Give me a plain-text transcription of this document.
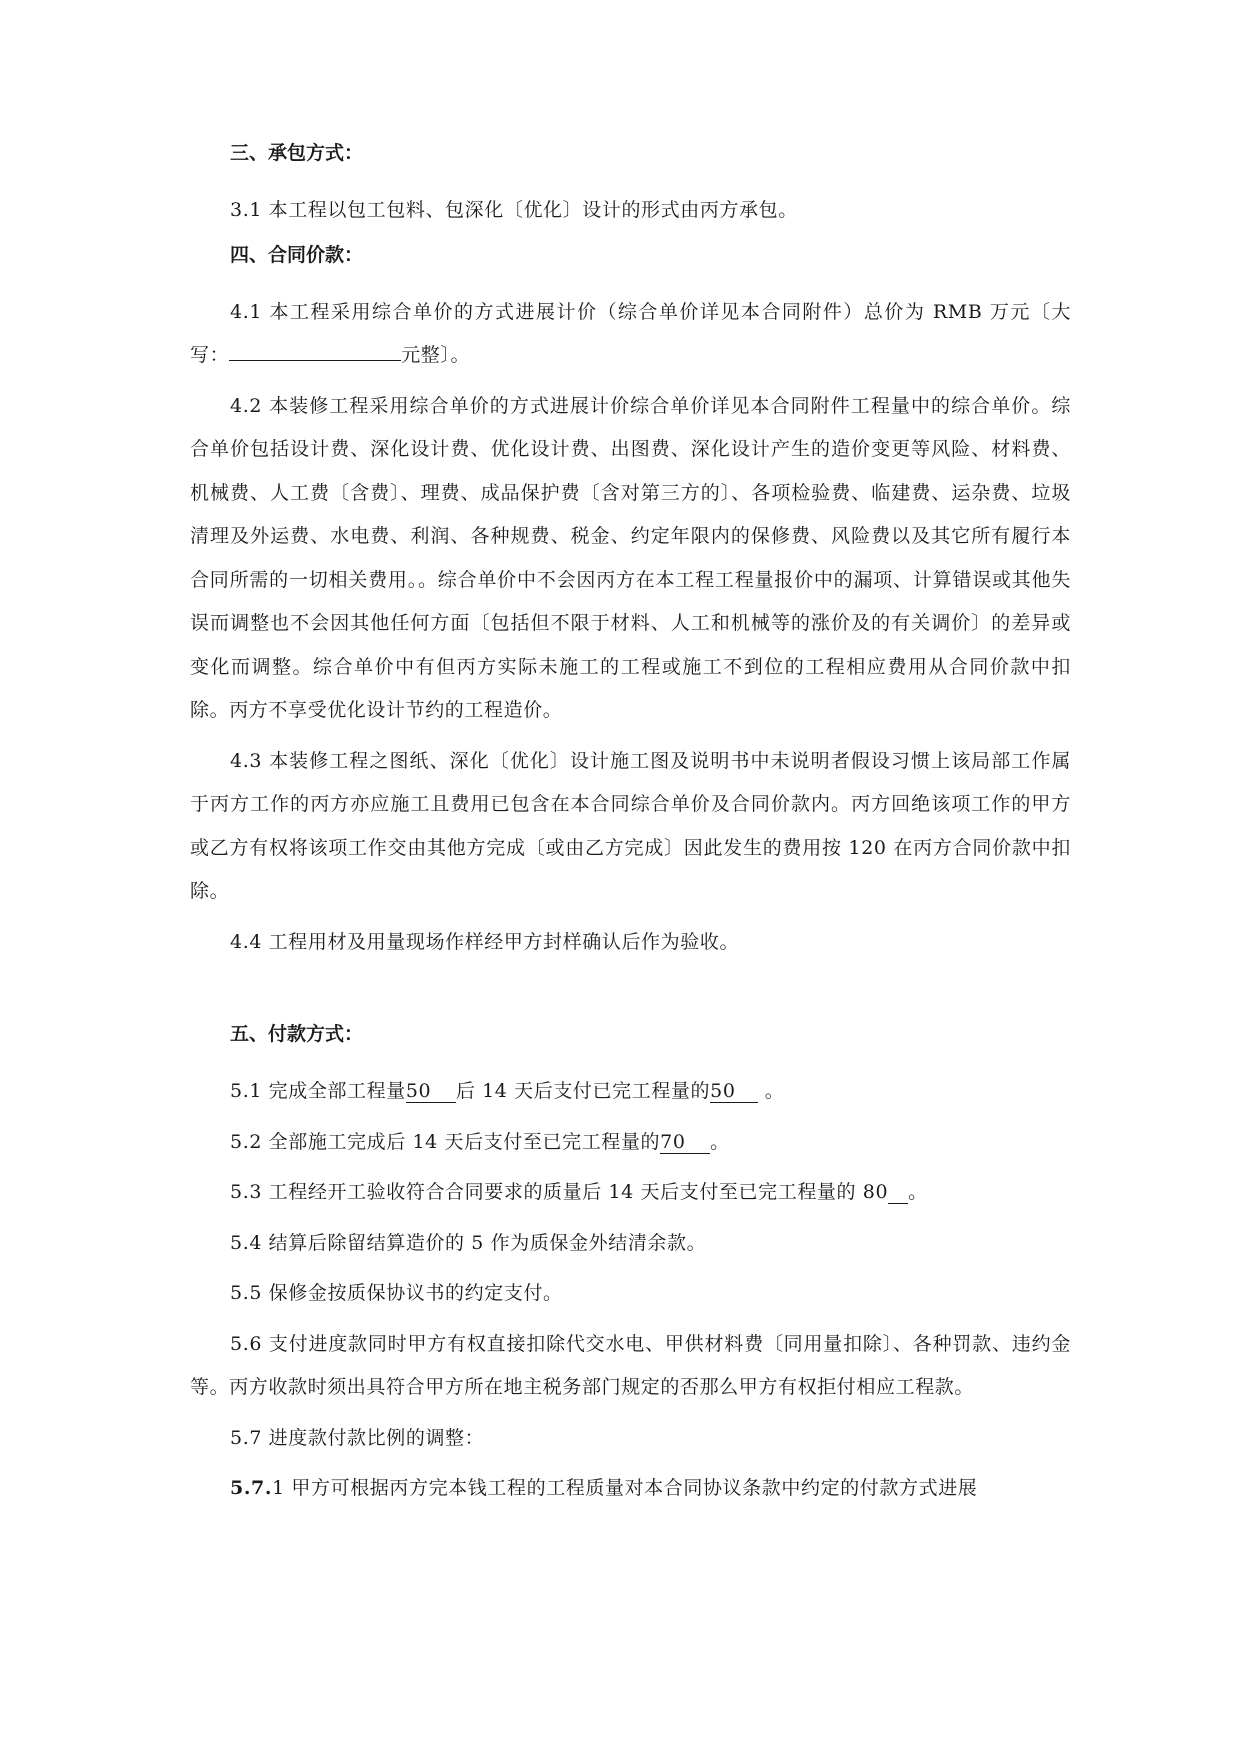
三、承包方式：

3.1 本工程以包工包料、包深化〔优化〕设计的形式由丙方承包。

四、合同价款：

4.1 本工程采用综合单价的方式进展计价（综合单价详见本合同附件）总价为 RMB 万元〔大写：	元整〕。

4.2 本装修工程采用综合单价的方式进展计价综合单价详见本合同附件工程量中的综合单价。综合单价包括设计费、深化设计费、优化设计费、出图费、深化设计产生的造价变更等风险、材料费、机械费、人工费〔含费〕、理费、成品保护费〔含对第三方的〕、各项检验费、临建费、运杂费、垃圾清理及外运费、水电费、利润、各种规费、税金、约定年限内的保修费、风险费以及其它所有履行本合同所需的一切相关费用。。综合单价中不会因丙方在本工程工程量报价中的漏项、计算错误或其他失误而调整也不会因其他任何方面〔包括但不限于材料、人工和机械等的涨价及的有关调价〕的差异或变化而调整。综合单价中有但丙方实际未施工的工程或施工不到位的工程相应费用从合同价款中扣除。丙方不享受优化设计节约的工程造价。

4.3 本装修工程之图纸、深化〔优化〕设计施工图及说明书中未说明者假设习惯上该局部工作属于丙方工作的丙方亦应施工且费用已包含在本合同综合单价及合同价款内。丙方回绝该项工作的甲方或乙方有权将该项工作交由其他方完成〔或由乙方完成〕因此发生的费用按 120 在丙方合同价款中扣除。

4.4 工程用材及用量现场作样经甲方封样确认后作为验收。

五、付款方式：

5.1 完成全部工程量50后 14 天后支付已完工程量的50 。

5.2 全部施工完成后 14 天后支付至已完工程量的70。

5.3 工程经开工验收符合合同要求的质量后 14 天后支付至已完工程量的 80　 。

5.4 结算后除留结算造价的 5 作为质保金外结清余款。

5.5 保修金按质保协议书的约定支付。

5.6 支付进度款同时甲方有权直接扣除代交水电、甲供材料费〔同用量扣除〕、各种罚款、违约金等。丙方收款时须出具符合甲方所在地主税务部门规定的否那么甲方有权拒付相应工程款。

5.7 进度款付款比例的调整：

5.7.1 甲方可根据丙方完本钱工程的工程质量对本合同协议条款中约定的付款方式进展
